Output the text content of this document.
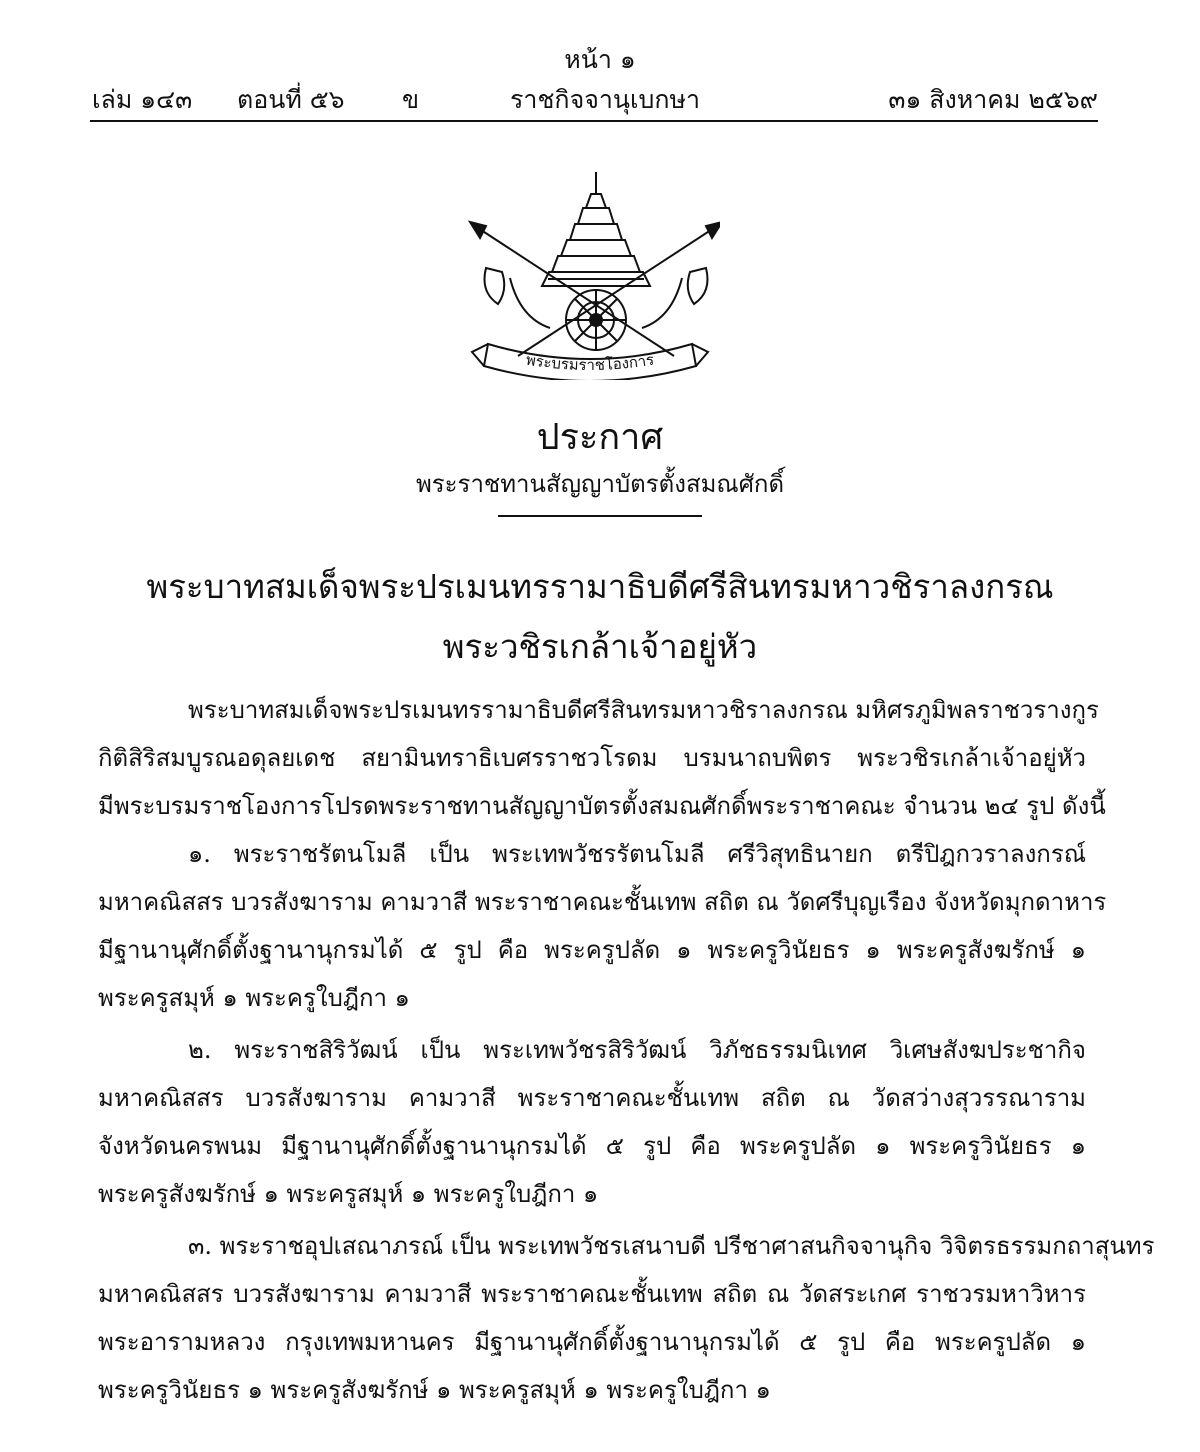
หน้า ๑
เล่ม ๑๔๓ ตอนที่ ๕๖ ข	ราชกิจจานุเบกษา	๓๑ สิงหาคม ๒๕๖๙
พระบรมราชโองการ
ประกาศ
พระราชทานสัญญาบัตรตั้งสมณศักดิ์
พระบาทสมเด็จพระปรเมนทรรามาธิบดีศรีสินทรมหาวชิราลงกรณ
พระวชิรเกล้าเจ้าอยู่หัว
พระบาทสมเด็จพระปรเมนทรรามาธิบดีศรีสินทรมหาวชิราลงกรณ มหิศรภูมิพลราชวรางกูร
กิติสิริสมบูรณอดุลยเดช สยามินทราธิเบศรราชวโรดม บรมนาถบพิตร พระวชิรเกล้าเจ้าอยู่หัว
มีพระบรมราชโองการโปรดพระราชทานสัญญาบัตรตั้งสมณศักดิ์พระราชาคณะ จำนวน ๒๔ รูป ดังนี้
๑. พระราชรัตนโมลี เป็น พระเทพวัชรรัตนโมลี ศรีวิสุทธินายก ตรีปิฎกวราลงกรณ์
มหาคณิสสร บวรสังฆาราม คามวาสี พระราชาคณะชั้นเทพ สถิต ณ วัดศรีบุญเรือง จังหวัดมุกดาหาร
มีฐานานุศักดิ์ตั้งฐานานุกรมได้ ๕ รูป คือ พระครูปลัด ๑ พระครูวินัยธร ๑ พระครูสังฆรักษ์ ๑
พระครูสมุห์ ๑ พระครูใบฎีกา ๑
๒. พระราชสิริวัฒน์ เป็น พระเทพวัชรสิริวัฒน์ วิภัชธรรมนิเทศ วิเศษสังฆประชากิจ
มหาคณิสสร บวรสังฆาราม คามวาสี พระราชาคณะชั้นเทพ สถิต ณ วัดสว่างสุวรรณาราม
จังหวัดนครพนม มีฐานานุศักดิ์ตั้งฐานานุกรมได้ ๕ รูป คือ พระครูปลัด ๑ พระครูวินัยธร ๑
พระครูสังฆรักษ์ ๑ พระครูสมุห์ ๑ พระครูใบฎีกา ๑
๓. พระราชอุปเสณาภรณ์ เป็น พระเทพวัชรเสนาบดี ปรีชาศาสนกิจจานุกิจ วิจิตรธรรมกถาสุนทร
มหาคณิสสร บวรสังฆาราม คามวาสี พระราชาคณะชั้นเทพ สถิต ณ วัดสระเกศ ราชวรมหาวิหาร
พระอารามหลวง กรุงเทพมหานคร มีฐานานุศักดิ์ตั้งฐานานุกรมได้ ๕ รูป คือ พระครูปลัด ๑
พระครูวินัยธร ๑ พระครูสังฆรักษ์ ๑ พระครูสมุห์ ๑ พระครูใบฎีกา ๑
